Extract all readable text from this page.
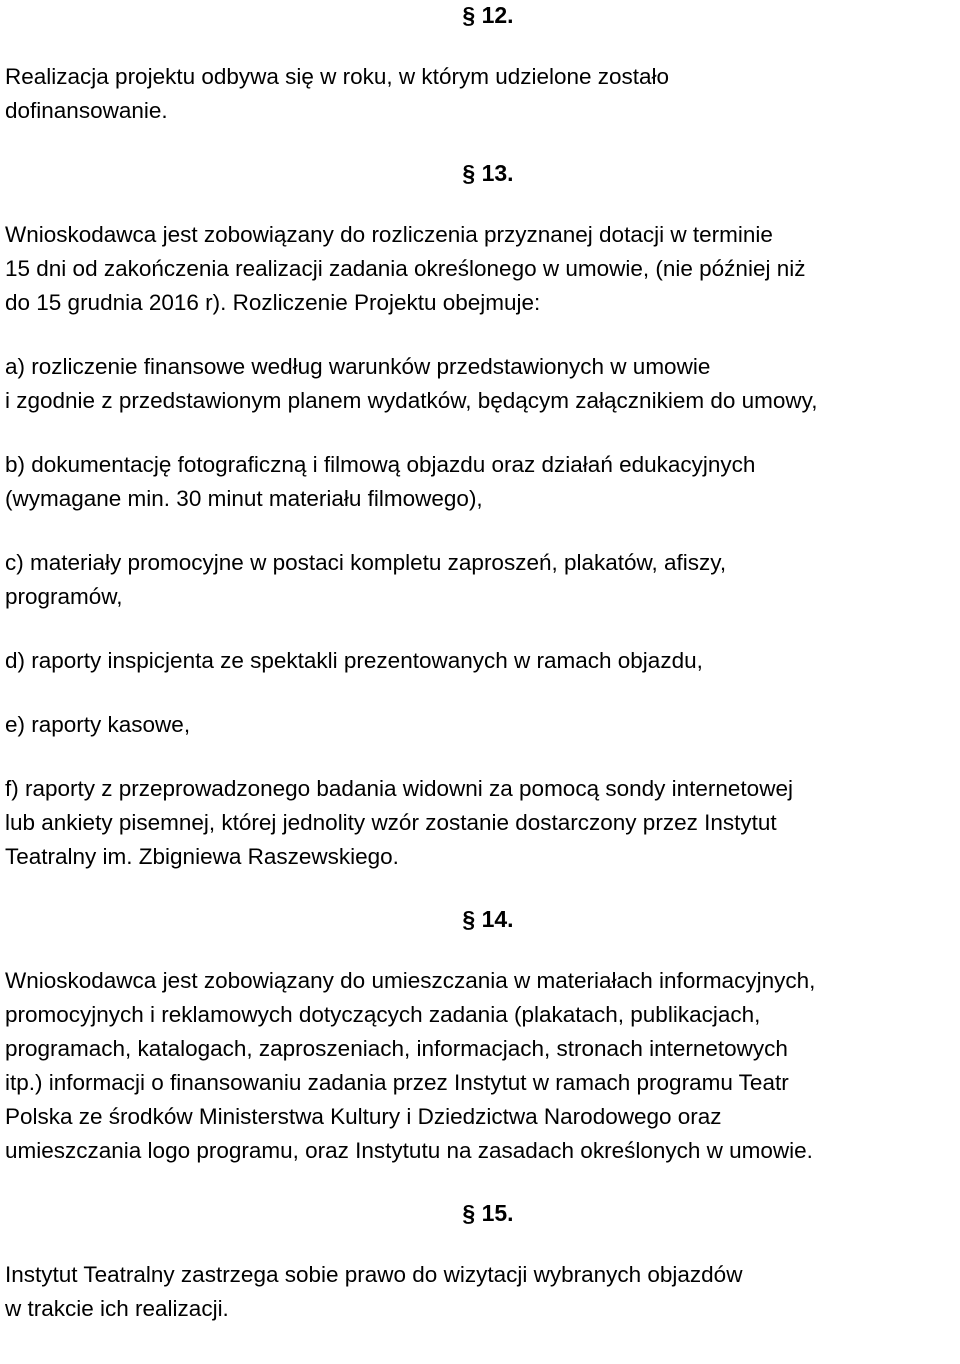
§ 12.

Realizacja projektu odbywa się w roku, w którym udzielone zostało
dofinansowanie.

§ 13.

Wnioskodawca jest zobowiązany do rozliczenia przyznanej dotacji w terminie
15 dni od zakończenia realizacji zadania określonego w umowie, (nie później niż
do 15 grudnia 2016 r). Rozliczenie Projektu obejmuje:

a) rozliczenie finansowe według warunków przedstawionych w umowie
i zgodnie z przedstawionym planem wydatków, będącym załącznikiem do umowy,

b) dokumentację fotograficzną i filmową objazdu oraz działań edukacyjnych
(wymagane min. 30 minut materiału filmowego),

c) materiały promocyjne w postaci kompletu zaproszeń, plakatów, afiszy,
programów,

d) raporty inspicjenta ze spektakli prezentowanych w ramach objazdu,

e) raporty kasowe,

f) raporty z przeprowadzonego badania widowni za pomocą sondy internetowej
lub ankiety pisemnej, której jednolity wzór zostanie dostarczony przez Instytut
Teatralny im. Zbigniewa Raszewskiego.

§ 14.

Wnioskodawca jest zobowiązany do umieszczania w materiałach informacyjnych,
promocyjnych i reklamowych dotyczących zadania (plakatach, publikacjach,
programach, katalogach, zaproszeniach, informacjach, stronach internetowych
itp.) informacji o finansowaniu zadania przez Instytut w ramach programu Teatr
Polska ze środków Ministerstwa Kultury i Dziedzictwa Narodowego oraz
umieszczania logo programu, oraz Instytutu na zasadach określonych w umowie.

§ 15.

Instytut Teatralny zastrzega sobie prawo do wizytacji wybranych objazdów
w trakcie ich realizacji.
